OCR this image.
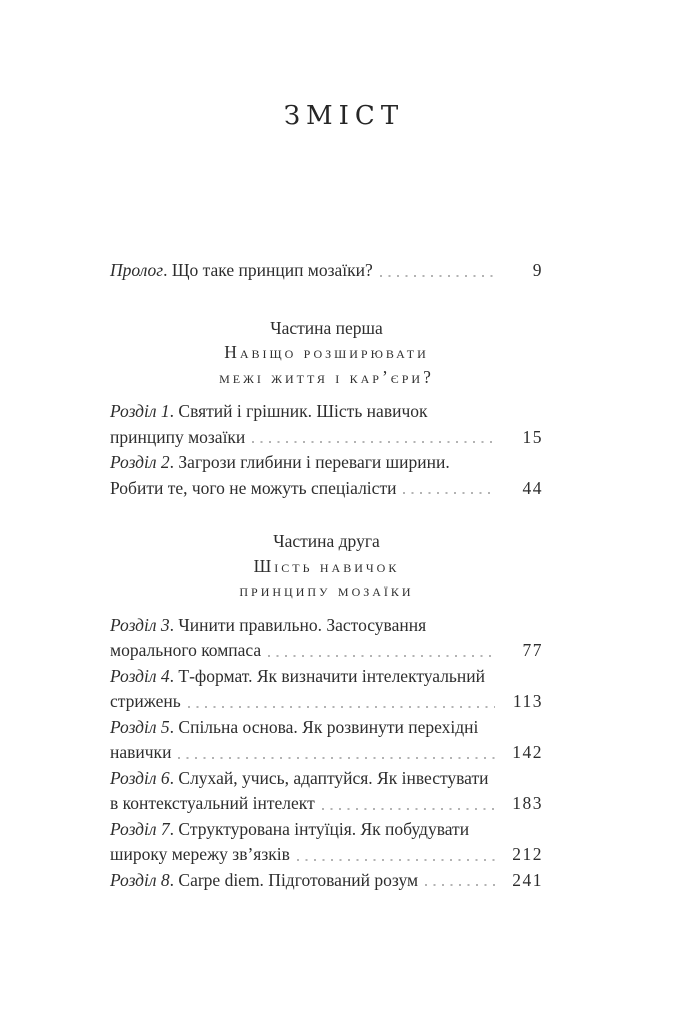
ЗМІСТ
Пролог. Що таке принцип мозаїки?	9
Частина перша
Навіщо розширювати
межі життя і кар’єри?
Розділ 1. Святий і грішник. Шість навичок
принципу мозаїки	15
Розділ 2. Загрози глибини і переваги ширини.
Робити те, чого не можуть спеціалісти	44
Частина друга
Шість навичок
принципу мозаїки
Розділ 3. Чинити правильно. Застосування
морального компаса	77
Розділ 4. Т-формат. Як визначити інтелектуальний
стрижень	113
Розділ 5. Спільна основа. Як розвинути перехідні
навички	142
Розділ 6. Слухай, учись, адаптуйся. Як інвестувати
в контекстуальний інтелект	183
Розділ 7. Структурована інтуїція. Як побудувати
широку мережу зв’язків	212
Розділ 8. Carpe diem. Підготований розум	241
